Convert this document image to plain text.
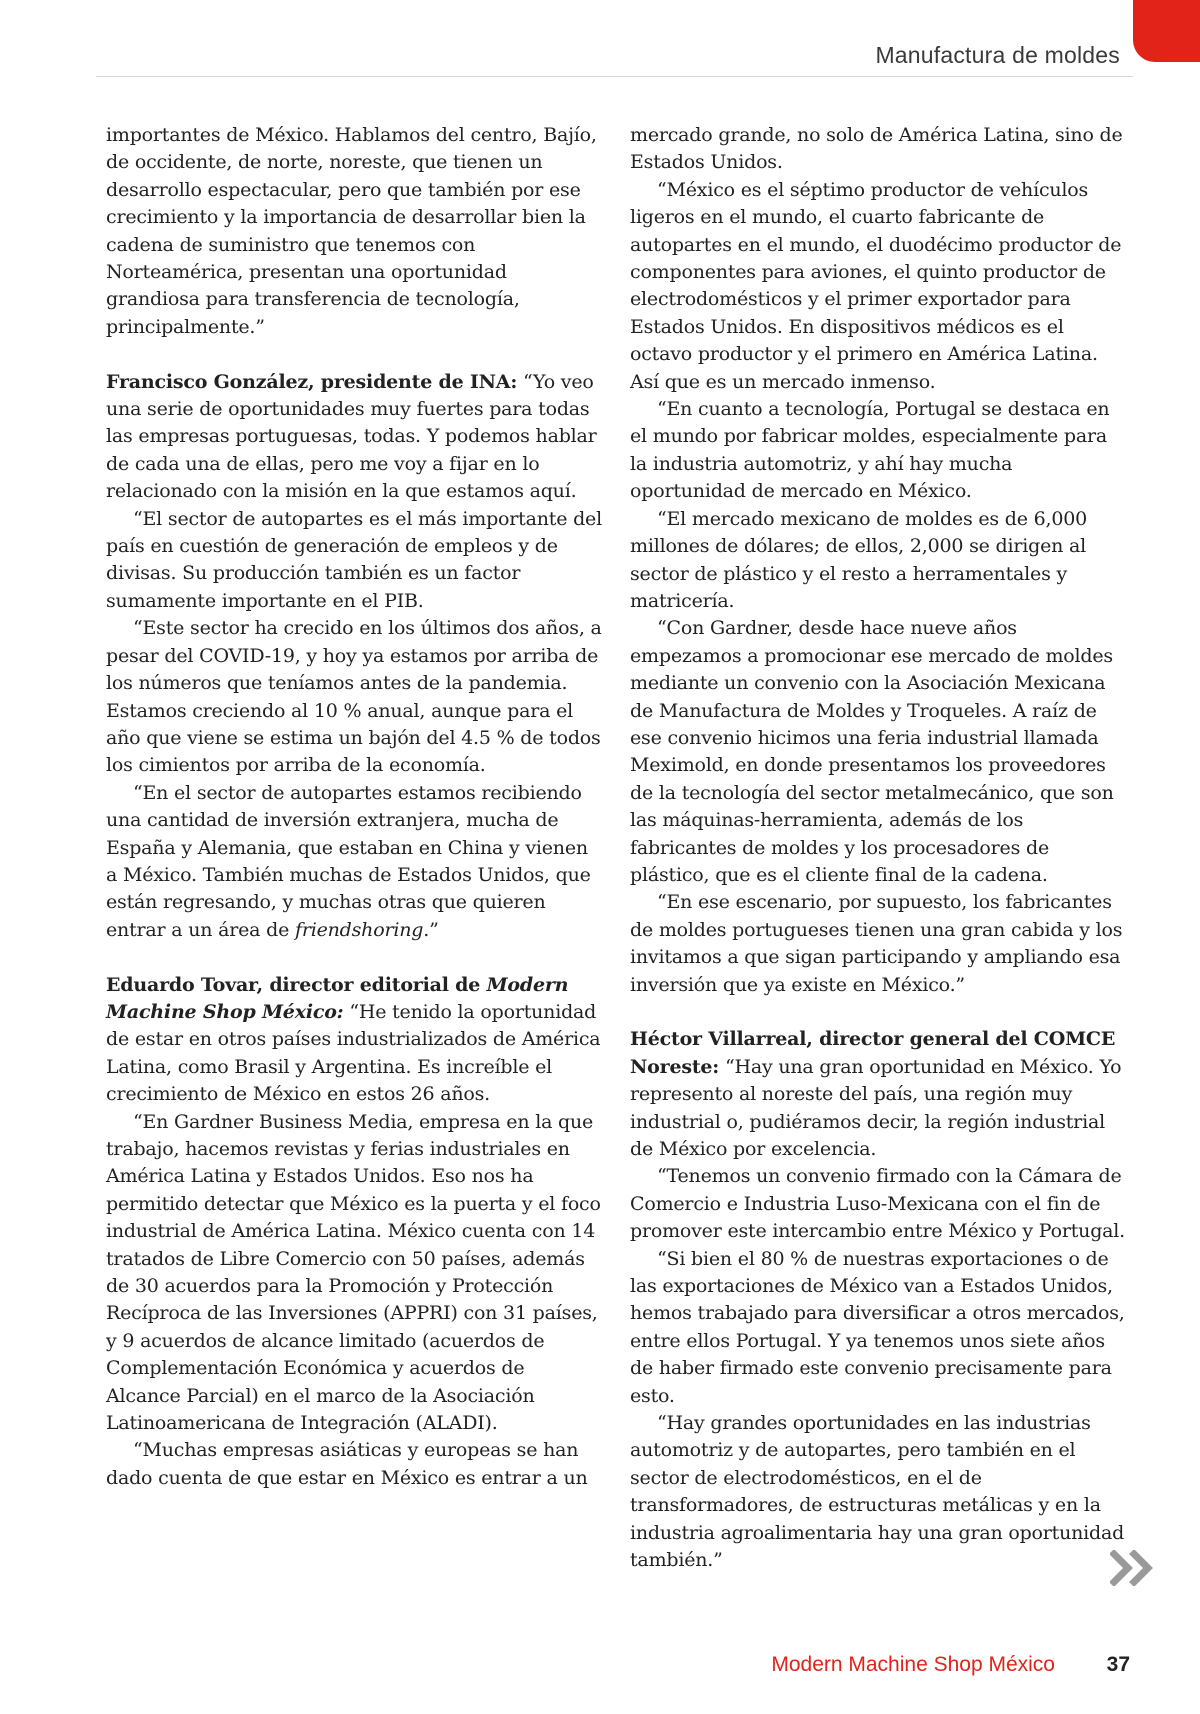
Manufactura de moldes

importantes de México. Hablamos del centro, Bajío, de occidente, de norte, noreste, que tienen un desarrollo espectacular, pero que también por ese crecimiento y la importancia de desarrollar bien la cadena de suministro que tenemos con Norteamérica, presentan una oportunidad grandiosa para transferencia de tecnología, principalmente.”

Francisco González, presidente de INA: “Yo veo una serie de oportunidades muy fuertes para todas las empresas portuguesas, todas. Y podemos hablar de cada una de ellas, pero me voy a fijar en lo relacionado con la misión en la que estamos aquí.

“El sector de autopartes es el más importante del país en cuestión de generación de empleos y de divisas. Su producción también es un factor sumamente importante en el PIB.

“Este sector ha crecido en los últimos dos años, a pesar del COVID-19, y hoy ya estamos por arriba de los números que teníamos antes de la pandemia. Estamos creciendo al 10 % anual, aunque para el año que viene se estima un bajón del 4.5 % de todos los cimientos por arriba de la economía.

“En el sector de autopartes estamos recibiendo una cantidad de inversión extranjera, mucha de España y Alemania, que estaban en China y vienen a México. También muchas de Estados Unidos, que están regresando, y muchas otras que quieren entrar a un área de friendshoring.”

Eduardo Tovar, director editorial de Modern Machine Shop México: “He tenido la oportunidad de estar en otros países industrializados de América Latina, como Brasil y Argentina. Es increíble el crecimiento de México en estos 26 años.

“En Gardner Business Media, empresa en la que trabajo, hacemos revistas y ferias industriales en América Latina y Estados Unidos. Eso nos ha permitido detectar que México es la puerta y el foco industrial de América Latina. México cuenta con 14 tratados de Libre Comercio con 50 países, además de 30 acuerdos para la Promoción y Protección Recíproca de las Inversiones (APPRI) con 31 países, y 9 acuerdos de alcance limitado (acuerdos de Complementación Económica y acuerdos de Alcance Parcial) en el marco de la Asociación Latinoamericana de Integración (ALADI).

“Muchas empresas asiáticas y europeas se han dado cuenta de que estar en México es entrar a un

mercado grande, no solo de América Latina, sino de Estados Unidos.

“México es el séptimo productor de vehículos ligeros en el mundo, el cuarto fabricante de autopartes en el mundo, el duodécimo productor de componentes para aviones, el quinto productor de electrodomésticos y el primer exportador para Estados Unidos. En dispositivos médicos es el octavo productor y el primero en América Latina. Así que es un mercado inmenso.

“En cuanto a tecnología, Portugal se destaca en el mundo por fabricar moldes, especialmente para la industria automotriz, y ahí hay mucha oportunidad de mercado en México.

“El mercado mexicano de moldes es de 6,000 millones de dólares; de ellos, 2,000 se dirigen al sector de plástico y el resto a herramentales y matricería.

“Con Gardner, desde hace nueve años empezamos a promocionar ese mercado de moldes mediante un convenio con la Asociación Mexicana de Manufactura de Moldes y Troqueles. A raíz de ese convenio hicimos una feria industrial llamada Meximold, en donde presentamos los proveedores de la tecnología del sector metalmecánico, que son las máquinas-herramienta, además de los fabricantes de moldes y los procesadores de plástico, que es el cliente final de la cadena.

“En ese escenario, por supuesto, los fabricantes de moldes portugueses tienen una gran cabida y los invitamos a que sigan participando y ampliando esa inversión que ya existe en México.”

Héctor Villarreal, director general del COMCE Noreste: “Hay una gran oportunidad en México. Yo represento al noreste del país, una región muy industrial o, pudiéramos decir, la región industrial de México por excelencia.

“Tenemos un convenio firmado con la Cámara de Comercio e Industria Luso-Mexicana con el fin de promover este intercambio entre México y Portugal.

“Si bien el 80 % de nuestras exportaciones o de las exportaciones de México van a Estados Unidos, hemos trabajado para diversificar a otros mercados, entre ellos Portugal. Y ya tenemos unos siete años de haber firmado este convenio precisamente para esto.

“Hay grandes oportunidades en las industrias automotriz y de autopartes, pero también en el sector de electrodomésticos, en el de transformadores, de estructuras metálicas y en la industria agroalimentaria hay una gran oportunidad también.”

Modern Machine Shop México 37
